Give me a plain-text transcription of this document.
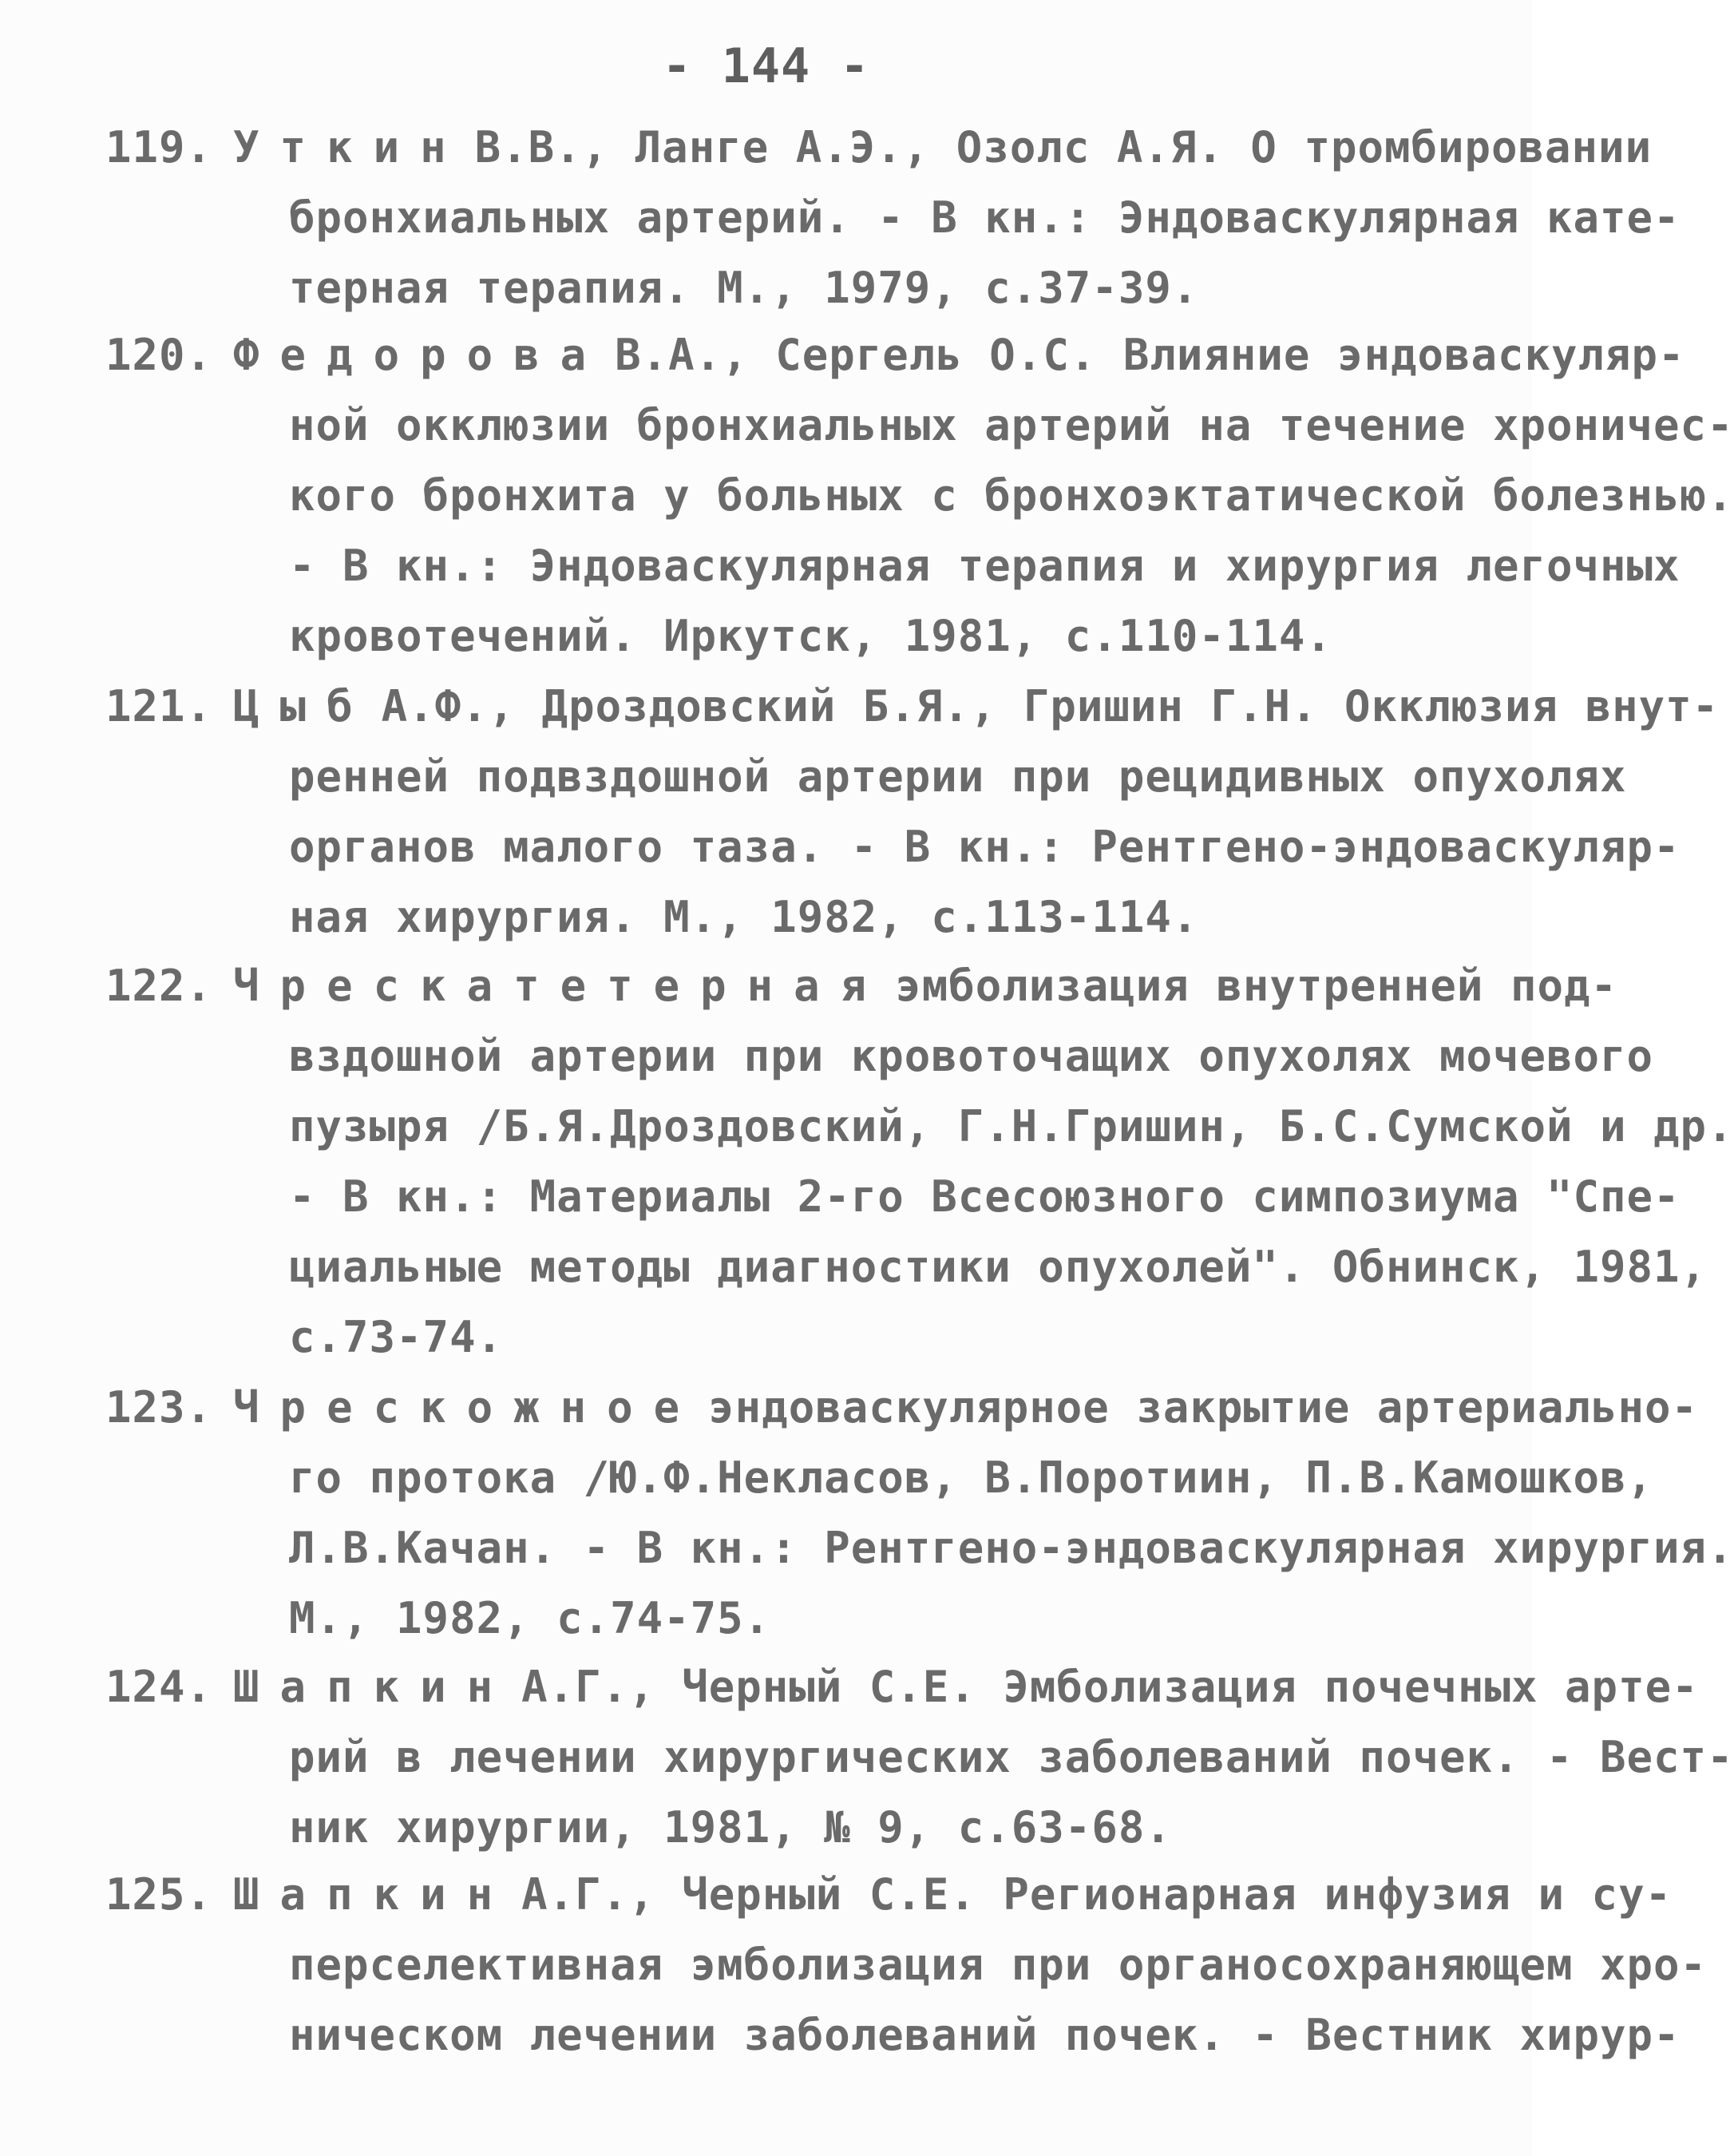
- 144 -
119. Уткин В.В., Ланге А.Э., Озолс А.Я. О тромбировании
бронхиальных артерий. - В кн.: Эндоваскулярная кате-
терная терапия. М., 1979, с.37-39.
120. Федорова В.А., Сергель О.С. Влияние эндоваскуляр-
ной окклюзии бронхиальных артерий на течение хроничес-
кого бронхита у больных с бронхоэктатической болезнью.
- В кн.: Эндоваскулярная терапия и хирургия легочных
кровотечений. Иркутск, 1981, с.110-114.
121. Цыб А.Ф., Дроздовский Б.Я., Гришин Г.Н. Окклюзия внут-
ренней подвздошной артерии при рецидивных опухолях
органов малого таза. - В кн.: Рентгено-эндоваскуляр-
ная хирургия. М., 1982, с.113-114.
122. Чрескатетерная эмболизация внутренней под-
вздошной артерии при кровоточащих опухолях мочевого
пузыря /Б.Я.Дроздовский, Г.Н.Гришин, Б.С.Сумской и др.
- В кн.: Материалы 2-го Всесоюзного симпозиума "Спе-
циальные методы диагностики опухолей". Обнинск, 1981,
с.73-74.
123. Чрескожное эндоваскулярное закрытие артериально-
го протока /Ю.Ф.Некласов, В.Поротиин, П.В.Камошков,
Л.В.Качан. - В кн.: Рентгено-эндоваскулярная хирургия.
М., 1982, с.74-75.
124. Шапкин А.Г., Черный С.Е. Эмболизация почечных арте-
рий в лечении хирургических заболеваний почек. - Вест-
ник хирургии, 1981, № 9, с.63-68.
125. Шапкин А.Г., Черный С.Е. Регионарная инфузия и су-
перселективная эмболизация при органосохраняющем хро-
ническом лечении заболеваний почек. - Вестник хирур-
